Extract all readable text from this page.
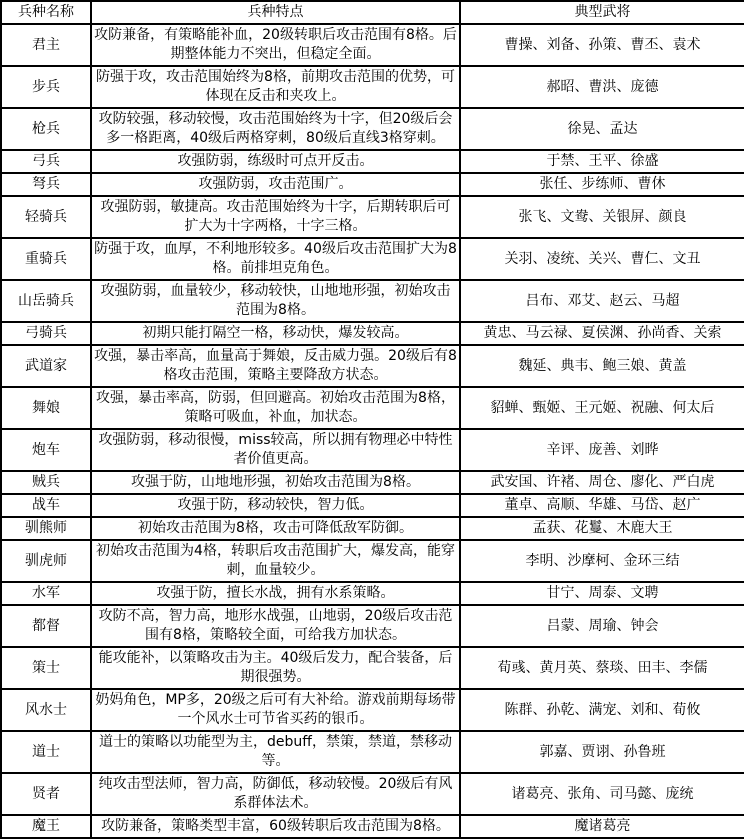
兵种名称	兵种特点	典型武将
君主	攻防兼备，有策略能补血，20级转职后攻击范围有8格。后期整体能力不突出，但稳定全面。	曹操、刘备、孙策、曹丕、袁术
步兵	防强于攻，攻击范围始终为8格，前期攻击范围的优势，可体现在反击和夹攻上。	郝昭、曹洪、庞德
枪兵	攻防较强，移动较慢，攻击范围始终为十字，但20级后会多一格距离，40级后两格穿刺，80级后直线3格穿刺。	徐晃、孟达
弓兵	攻强防弱，练级时可点开反击。	于禁、王平、徐盛
弩兵	攻强防弱，攻击范围广。	张任、步练师、曹休
轻骑兵	攻强防弱，敏捷高。攻击范围始终为十字，后期转职后可扩大为十字两格，十字三格。	张飞、文鸯、关银屏、颜良
重骑兵	防强于攻，血厚，不利地形较多。40级后攻击范围扩大为8格。前排坦克角色。	关羽、凌统、关兴、曹仁、文丑
山岳骑兵	攻强防弱，血量较少，移动较快，山地地形强，初始攻击范围为8格。	吕布、邓艾、赵云、马超
弓骑兵	初期只能打隔空一格，移动快，爆发较高。	黄忠、马云禄、夏侯渊、孙尚香、关索
武道家	攻强，暴击率高，血量高于舞娘，反击威力强。20级后有8格攻击范围，策略主要降敌方状态。	魏延、典韦、鲍三娘、黄盖
舞娘	攻强，暴击率高，防弱，但回避高。初始攻击范围为8格，策略可吸血，补血，加状态。	貂蝉、甄姬、王元姬、祝融、何太后
炮车	攻强防弱，移动很慢，miss较高，所以拥有物理必中特性者价值更高。	辛评、庞善、刘晔
贼兵	攻强于防，山地地形强，初始攻击范围为8格。	武安国、许褚、周仓、廖化、严白虎
战车	攻强于防，移动较快，智力低。	董卓、高顺、华雄、马岱、赵广
驯熊师	初始攻击范围为8格，攻击可降低敌军防御。	孟获、花鬘、木鹿大王
驯虎师	初始攻击范围为4格，转职后攻击范围扩大，爆发高，能穿刺，血量较少。	李明、沙摩柯、金环三结
水军	攻强于防，擅长水战，拥有水系策略。	甘宁、周泰、文聘
都督	攻防不高，智力高，地形水战强，山地弱，20级后攻击范围有8格，策略较全面，可给我方加状态。	吕蒙、周瑜、钟会
策士	能攻能补，以策略攻击为主。40级后发力，配合装备，后期很强势。	荀彧、黄月英、蔡琰、田丰、李儒
风水士	奶妈角色，MP多，20级之后可有大补给。游戏前期每场带一个风水士可节省买药的银币。	陈群、孙乾、满宠、刘和、荀攸
道士	道士的策略以功能型为主，debuff，禁策，禁道，禁移动等。	郭嘉、贾诩、孙鲁班
贤者	纯攻击型法师，智力高，防御低，移动较慢。20级后有风系群体法术。	诸葛亮、张角、司马懿、庞统
魔王	攻防兼备，策略类型丰富，60级转职后攻击范围为8格。	魔诸葛亮
